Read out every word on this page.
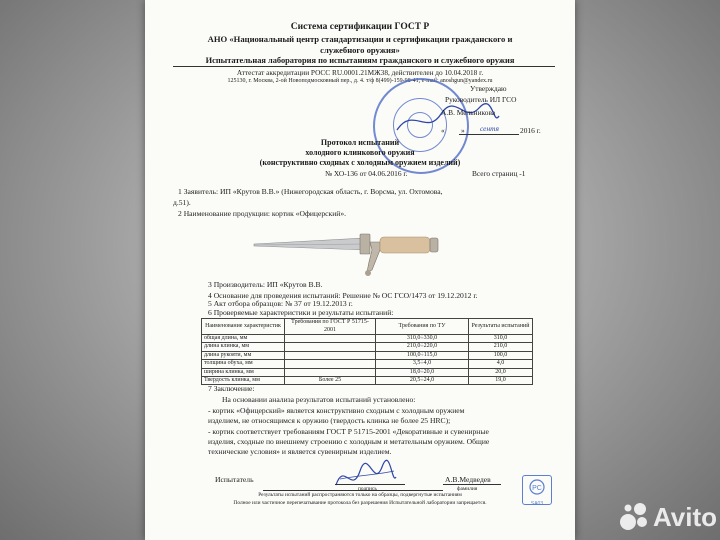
Система сертификации ГОСТ Р
АНО «Национальный центр стандартизации и сертификации гражданского и
служебного оружия»
Испытательная лаборатория по испытаниям гражданского и служебного оружия
Аттестат аккредитации РОСС RU.0001.21МЖ38, действителен до 10.04.2018 г.
125130, г. Москва, 2-ой Новоподмосковный пер., д. 4. т/ф 8(499)-159-98-41, e-mail: anoshgun@yandex.ru
Утверждаю
Руководитель ИЛ ГСО
А.В. Мельникова
« » сентя	2016 г.
Протокол испытаний
холодного клинкового оружия
(конструктивно сходных с холодным оружием изделий)
№ ХО-136 от 04.06.2016 г.	Всего страниц -1
1 Заявитель: ИП «Крутов В.В.» (Нижегородская область, г. Ворсма, ул. Охтомова,
д.51).
2 Наименование продукции: кортик «Офицерский».
3 Производитель: ИП «Крутов В.В.
4 Основание для проведения испытаний: Решение № ОС ГСО/1473 от 19.12.2012 г.
5 Акт отбора образцов: № 37 от 19.12.2013 г.
6 Проверяемые характеристики и результаты испытаний:
Наименование характеристик	Требования по ГОСТ Р 51715-2001	Требования по ТУ	Результаты испытаний
общая длина, мм		310,0÷330,0	310,0
длина клинка, мм		210,0÷220,0	210,0
длина рукояти, мм		100,0÷115,0	100,0
толщина обуха, мм		3,5÷4,0	4,0
ширина клинка, мм		18,0÷20,0	20,0
Твердость клинка, мм	Более 25	20,5÷24,0	19,0
7 Заключение:
На основании анализа результатов испытаний установлено:
- кортик «Офицерский» является конструктивно сходным с холодным оружием
изделием, не относящимся к оружию (твердость клинка не более 25 HRC);
- кортик соответствует требованиям ГОСТ Р 51715-2001 «Декоративные и сувенирные
изделия, сходные по внешнему строению с холодным и метательным оружием. Общие
технические условия» и является сувенирным изделием.
Испытатель
подпись
А.В.Медведев
фамилия	РС
SA03
Результаты испытаний распространяются только на образцы, подвергнутые испытаниям
Полное или частичное перепечатывание протокола без разрешения Испытательной лаборатории запрещается.	Avito
